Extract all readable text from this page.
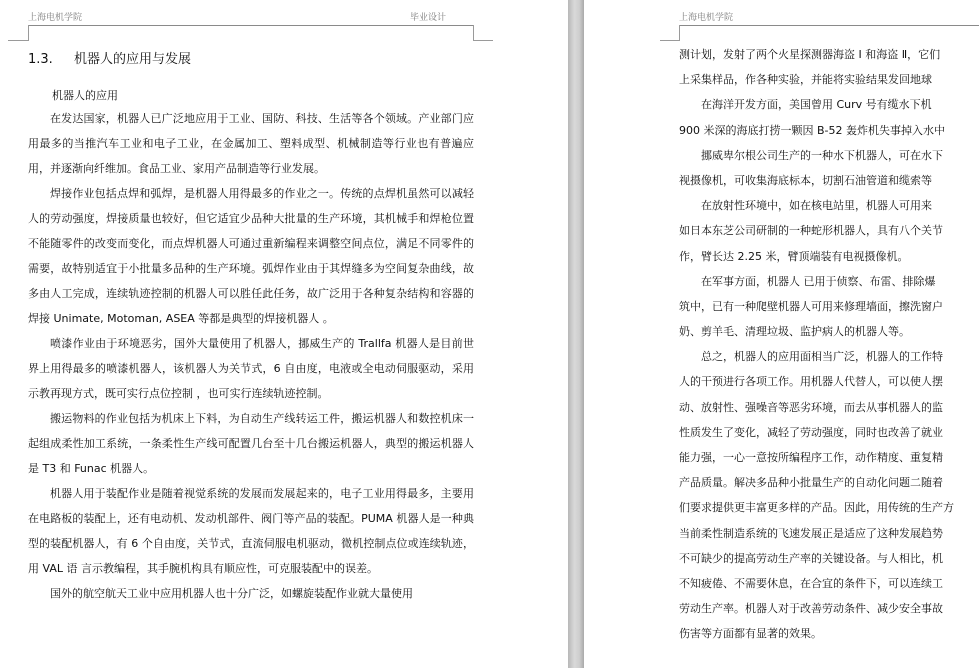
上海电机学院	毕业设计
1.3. 机器人的应用与发展
机器人的应用

在发达国家，机器人已广泛地应用于工业、国防、科技、生活等各个领域。产业部门应用最多的当推汽车工业和电子工业，在金属加工、塑料成型、机械制造等行业也有普遍应用，并逐渐向纤维加。食品工业、家用产品制造等行业发展。

焊接作业包括点焊和弧焊，是机器人用得最多的作业之一。传统的点焊机虽然可以减轻人的劳动强度，焊接质量也较好，但它适宜少品种大批量的生产环境，其机械手和焊枪位置不能随零件的改变而变化，而点焊机器人可通过重新编程来调整空间点位，满足不同零件的需要，故特别适宜于小批量多品种的生产环境。弧焊作业由于其焊缝多为空间复杂曲线，故多由人工完成，连续轨迹控制的机器人可以胜任此任务，故广泛用于各种复杂结构和容器的焊接 Unimate, Motoman, ASEA 等都是典型的焊接机器人 。

喷漆作业由于环境恶劣，国外大量使用了机器人，挪威生产的 Trallfa 机器人是目前世界上用得最多的喷漆机器人，该机器人为关节式，6 自由度，电液或全电动伺服驱动，采用示教再现方式，既可实行点位控制 ，也可实行连续轨迹控制。

搬运物料的作业包括为机床上下料，为自动生产线转运工件，搬运机器人和数控机床一起组成柔性加工系统，一条柔性生产线可配置几台至十几台搬运机器人，典型的搬运机器人是 T3 和 Funac 机器人。

机器人用于装配作业是随着视觉系统的发展而发展起来的，电子工业用得最多，主要用在电路板的装配上，还有电动机、发动机部件、阀门等产品的装配。PUMA 机器人是一种典型的装配机器人，有 6 个自由度，关节式，直流伺服电机驱动，微机控制点位或连续轨迹，用 VAL 语 言示教编程，其手腕机构具有顺应性，可克服装配中的误差。

国外的航空航天工业中应用机器人也十分广泛，如螺旋装配作业就大量使用

上海电机学院
测计划，发射了两个火星探测器海盗 Ⅰ 和海盗 Ⅱ，它们
上采集样品，作各种实验，并能将实验结果发回地球
在海洋开发方面，美国曾用 Curv 号有缆水下机
900 米深的海底打捞一颗因 B-52 轰炸机失事掉入水中
挪威卑尔根公司生产的一种水下机器人，可在水下
视摄像机，可收集海底标本，切割石油管道和缆索等
在放射性环境中，如在核电站里，机器人可用来
如日本东芝公司研制的一种蛇形机器人，具有八个关节
作，臂长达 2.25 米，臂顶端装有电视摄像机。
在军事方面，机器人 已用于侦察、布雷、排除爆
筑中，已有一种爬壁机器人可用来修理墙面，擦洗窗户
奶、剪羊毛、清理垃圾、监护病人的机器人等。
总之，机器人的应用面相当广泛，机器人的工作特
人的干预进行各项工作。用机器人代替人，可以使人摆
动、放射性、强噪音等恶劣环境，而去从事机器人的监
性质发生了变化，减轻了劳动强度，同时也改善了就业
能力强，一心一意按所编程序工作，动作精度、重复精
产品质量。解决多品种小批量生产的自动化问题二随着
们要求提供更丰富更多样的产品。因此，用传统的生产方
当前柔性制造系统的飞速发展正是适应了这种发展趋势
不可缺少的提高劳动生产率的关键设备。与人相比，机
不知疲倦、不需要休息，在合宜的条件下，可以连续工
劳动生产率。机器人对于改善劳动条件、减少安全事故
伤害等方面都有显著的效果。
